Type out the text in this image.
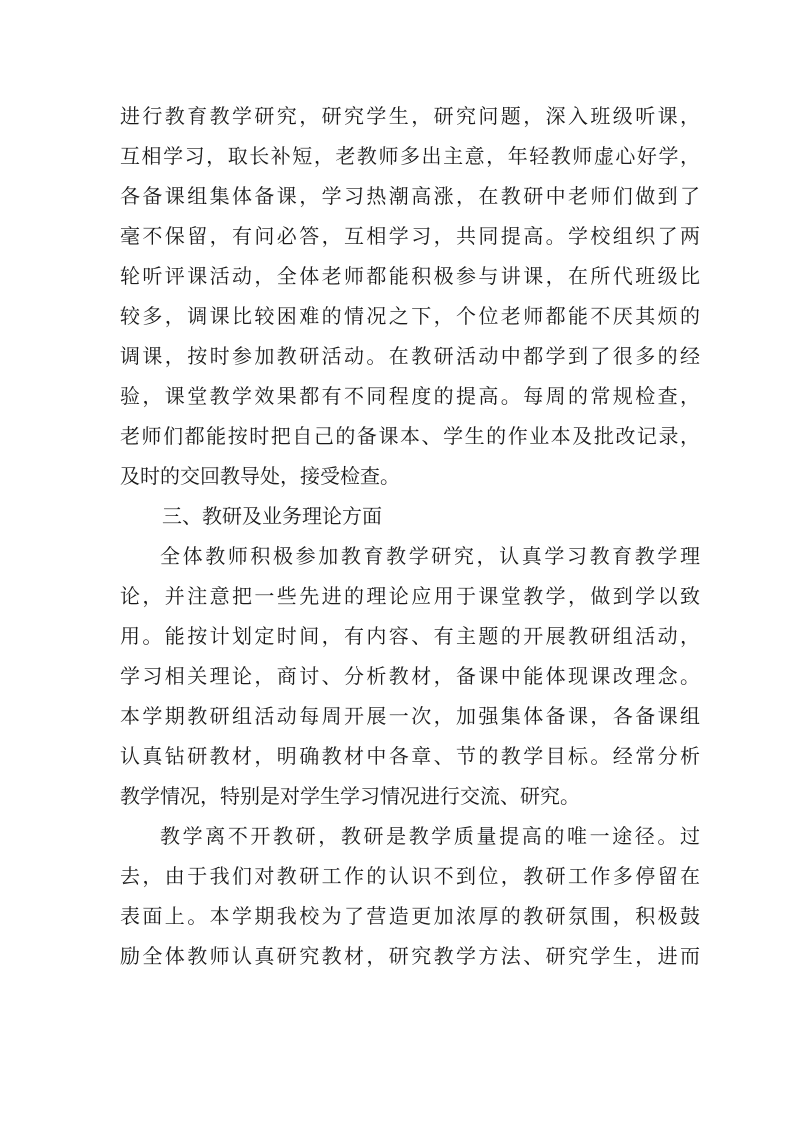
进行教育教学研究，研究学生，研究问题，深入班级听课，
互相学习，取长补短，老教师多出主意，年轻教师虚心好学，
各备课组集体备课，学习热潮高涨，在教研中老师们做到了
毫不保留，有问必答，互相学习，共同提高。学校组织了两
轮听评课活动，全体老师都能积极参与讲课，在所代班级比
较多，调课比较困难的情况之下，个位老师都能不厌其烦的
调课，按时参加教研活动。在教研活动中都学到了很多的经
验，课堂教学效果都有不同程度的提高。每周的常规检查，
老师们都能按时把自己的备课本、学生的作业本及批改记录，
及时的交回教导处，接受检查。
三、教研及业务理论方面
全体教师积极参加教育教学研究，认真学习教育教学理
论，并注意把一些先进的理论应用于课堂教学，做到学以致
用。能按计划定时间，有内容、有主题的开展教研组活动，
学习相关理论，商讨、分析教材，备课中能体现课改理念。
本学期教研组活动每周开展一次，加强集体备课，各备课组
认真钻研教材，明确教材中各章、节的教学目标。经常分析
教学情况，特别是对学生学习情况进行交流、研究。
教学离不开教研，教研是教学质量提高的唯一途径。过
去，由于我们对教研工作的认识不到位，教研工作多停留在
表面上。本学期我校为了营造更加浓厚的教研氛围，积极鼓
励全体教师认真研究教材，研究教学方法、研究学生，进而
